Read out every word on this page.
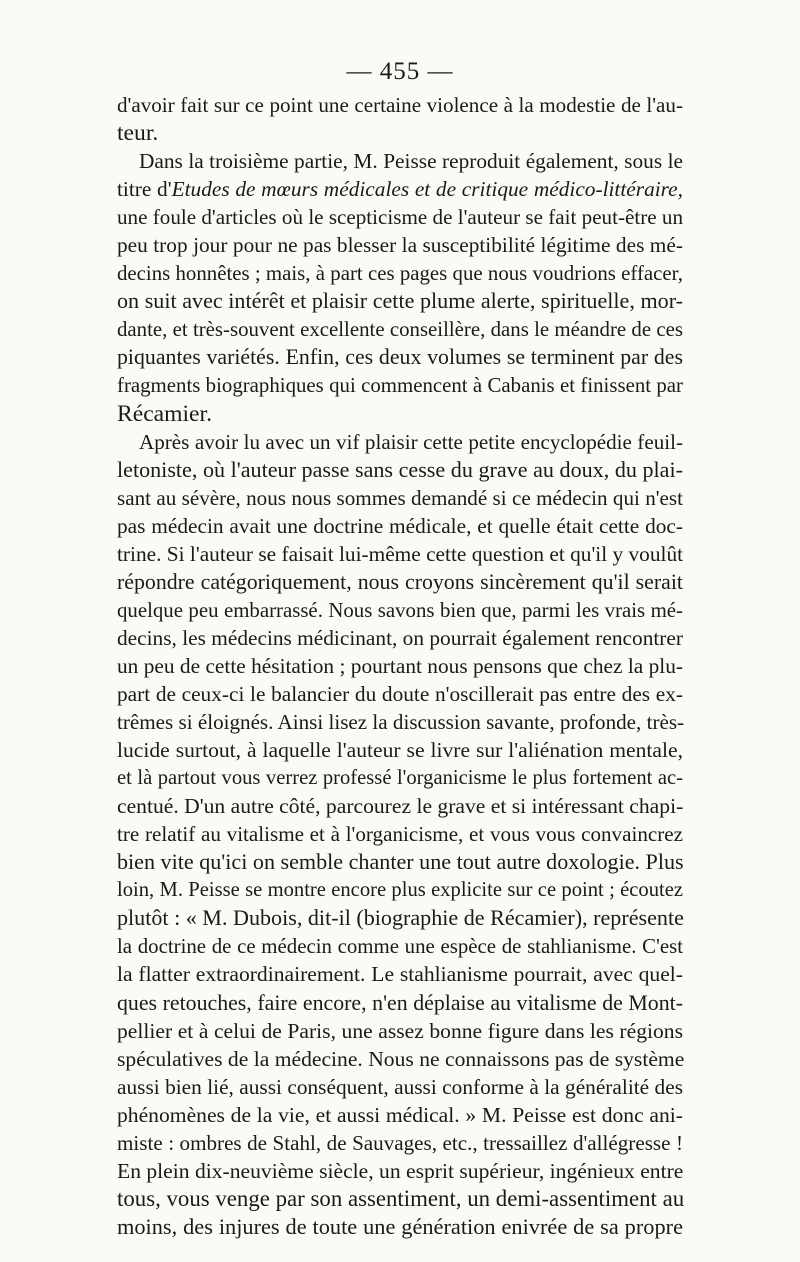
— 455 —
d'avoir fait sur ce point une certaine violence à la modestie de l'au-
teur.
Dans la troisième partie, M. Peisse reproduit également, sous le
titre d'Etudes de mœurs médicales et de critique médico-littéraire,
une foule d'articles où le scepticisme de l'auteur se fait peut-être un
peu trop jour pour ne pas blesser la susceptibilité légitime des mé-
decins honnêtes ; mais, à part ces pages que nous voudrions effacer,
on suit avec intérêt et plaisir cette plume alerte, spirituelle, mor-
dante, et très-souvent excellente conseillère, dans le méandre de ces
piquantes variétés. Enfin, ces deux volumes se terminent par des
fragments biographiques qui commencent à Cabanis et finissent par
Récamier.
Après avoir lu avec un vif plaisir cette petite encyclopédie feuil-
letoniste, où l'auteur passe sans cesse du grave au doux, du plai-
sant au sévère, nous nous sommes demandé si ce médecin qui n'est
pas médecin avait une doctrine médicale, et quelle était cette doc-
trine. Si l'auteur se faisait lui-même cette question et qu'il y voulût
répondre catégoriquement, nous croyons sincèrement qu'il serait
quelque peu embarrassé. Nous savons bien que, parmi les vrais mé-
decins, les médecins médicinant, on pourrait également rencontrer
un peu de cette hésitation ; pourtant nous pensons que chez la plu-
part de ceux-ci le balancier du doute n'oscillerait pas entre des ex-
trêmes si éloignés. Ainsi lisez la discussion savante, profonde, très-
lucide surtout, à laquelle l'auteur se livre sur l'aliénation mentale,
et là partout vous verrez professé l'organicisme le plus fortement ac-
centué. D'un autre côté, parcourez le grave et si intéressant chapi-
tre relatif au vitalisme et à l'organicisme, et vous vous convaincrez
bien vite qu'ici on semble chanter une tout autre doxologie. Plus
loin, M. Peisse se montre encore plus explicite sur ce point ; écoutez
plutôt : « M. Dubois, dit-il (biographie de Récamier), représente
la doctrine de ce médecin comme une espèce de stahlianisme. C'est
la flatter extraordinairement. Le stahlianisme pourrait, avec quel-
ques retouches, faire encore, n'en déplaise au vitalisme de Mont-
pellier et à celui de Paris, une assez bonne figure dans les régions
spéculatives de la médecine. Nous ne connaissons pas de système
aussi bien lié, aussi conséquent, aussi conforme à la généralité des
phénomènes de la vie, et aussi médical. » M. Peisse est donc ani-
miste : ombres de Stahl, de Sauvages, etc., tressaillez d'allégresse !
En plein dix-neuvième siècle, un esprit supérieur, ingénieux entre
tous, vous venge par son assentiment, un demi-assentiment au
moins, des injures de toute une génération enivrée de sa propre
